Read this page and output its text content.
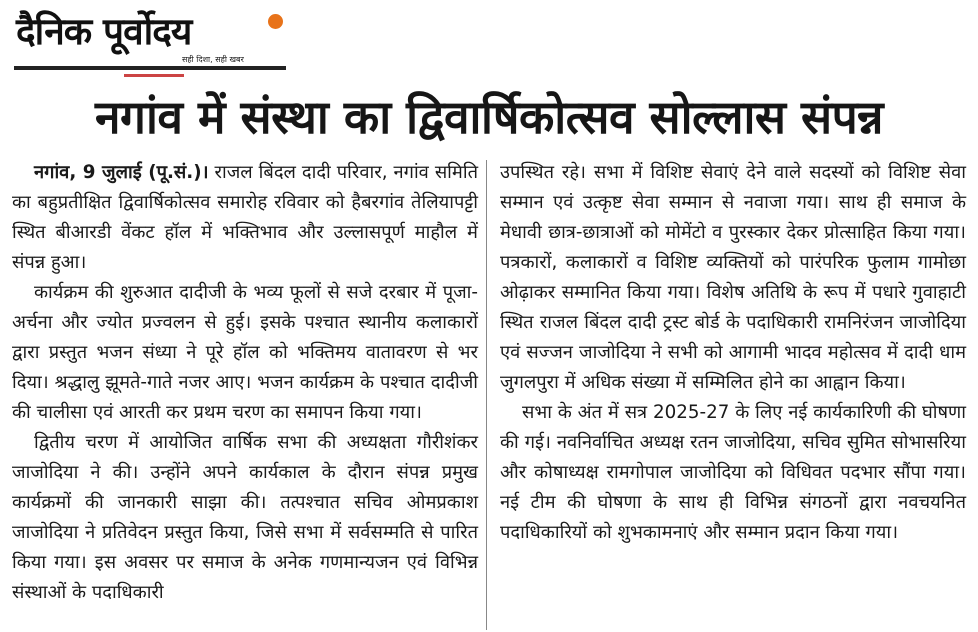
दैनिक पूर्वोदय
सही दिशा, सही खबर
नगांव में संस्था का द्विवार्षिकोत्सव सोल्लास संपन्न

नगांव, 9 जुलाई (पू.सं.)। राजल बिंदल दादी परिवार, नगांव समिति का बहुप्रतीक्षित द्विवार्षिकोत्सव समारोह रविवार को हैबरगांव तेलियापट्टी स्थित बीआरडी वेंकट हॉल में भक्तिभाव और उल्लासपूर्ण माहौल में संपन्न हुआ।

कार्यक्रम की शुरुआत दादीजी के भव्य फूलों से सजे दरबार में पूजा-अर्चना और ज्योत प्रज्वलन से हुई। इसके पश्चात स्थानीय कलाकारों द्वारा प्रस्तुत भजन संध्या ने पूरे हॉल को भक्तिमय वातावरण से भर दिया। श्रद्धालु झूमते-गाते नजर आए। भजन कार्यक्रम के पश्चात दादीजी की चालीसा एवं आरती कर प्रथम चरण का समापन किया गया।

द्वितीय चरण में आयोजित वार्षिक सभा की अध्यक्षता गौरीशंकर जाजोदिया ने की। उन्होंने अपने कार्यकाल के दौरान संपन्न प्रमुख कार्यक्रमों की जानकारी साझा की। तत्पश्चात सचिव ओमप्रकाश जाजोदिया ने प्रतिवेदन प्रस्तुत किया, जिसे सभा में सर्वसम्मति से पारित किया गया। इस अवसर पर समाज के अनेक गणमान्यजन एवं विभिन्न संस्थाओं के पदाधिकारी

उपस्थित रहे। सभा में विशिष्ट सेवाएं देने वाले सदस्यों को विशिष्ट सेवा सम्मान एवं उत्कृष्ट सेवा सम्मान से नवाजा गया। साथ ही समाज के मेधावी छात्र-छात्राओं को मोमेंटो व पुरस्कार देकर प्रोत्साहित किया गया। पत्रकारों, कलाकारों व विशिष्ट व्यक्तियों को पारंपरिक फुलाम गामोछा ओढ़ाकर सम्मानित किया गया। विशेष अतिथि के रूप में पधारे गुवाहाटी स्थित राजल बिंदल दादी ट्रस्ट बोर्ड के पदाधिकारी रामनिरंजन जाजोदिया एवं सज्जन जाजोदिया ने सभी को आगामी भादव महोत्सव में दादी धाम जुगलपुरा में अधिक संख्या में सम्मिलित होने का आह्वान किया।

सभा के अंत में सत्र 2025-27 के लिए नई कार्यकारिणी की घोषणा की गई। नवनिर्वाचित अध्यक्ष रतन जाजोदिया, सचिव सुमित सोभासरिया और कोषाध्यक्ष रामगोपाल जाजोदिया को विधिवत पदभार सौंपा गया। नई टीम की घोषणा के साथ ही विभिन्न संगठनों द्वारा नवचयनित पदाधिकारियों को शुभकामनाएं और सम्मान प्रदान किया गया।
